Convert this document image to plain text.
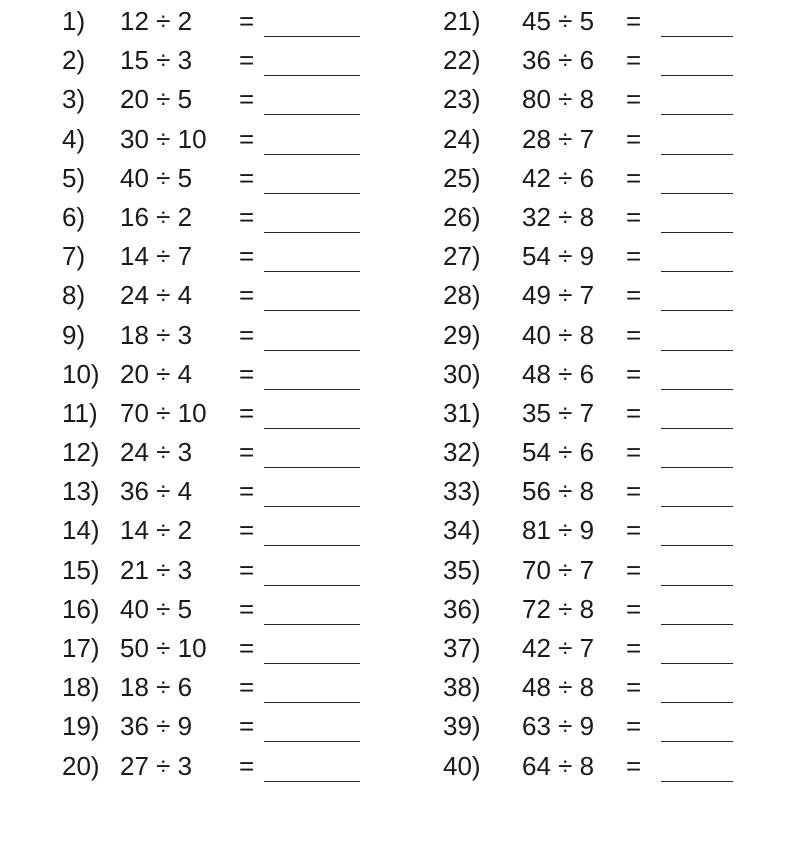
1) 12 ÷ 2 =
2) 15 ÷ 3 =
3) 20 ÷ 5 =
4) 30 ÷ 10 =
5) 40 ÷ 5 =
6) 16 ÷ 2 =
7) 14 ÷ 7 =
8) 24 ÷ 4 =
9) 18 ÷ 3 =
10) 20 ÷ 4 =
11) 70 ÷ 10 =
12) 24 ÷ 3 =
13) 36 ÷ 4 =
14) 14 ÷ 2 =
15) 21 ÷ 3 =
16) 40 ÷ 5 =
17) 50 ÷ 10 =
18) 18 ÷ 6 =
19) 36 ÷ 9 =
20) 27 ÷ 3 =
21) 45 ÷ 5 =
22) 36 ÷ 6 =
23) 80 ÷ 8 =
24) 28 ÷ 7 =
25) 42 ÷ 6 =
26) 32 ÷ 8 =
27) 54 ÷ 9 =
28) 49 ÷ 7 =
29) 40 ÷ 8 =
30) 48 ÷ 6 =
31) 35 ÷ 7 =
32) 54 ÷ 6 =
33) 56 ÷ 8 =
34) 81 ÷ 9 =
35) 70 ÷ 7 =
36) 72 ÷ 8 =
37) 42 ÷ 7 =
38) 48 ÷ 8 =
39) 63 ÷ 9 =
40) 64 ÷ 8 =
